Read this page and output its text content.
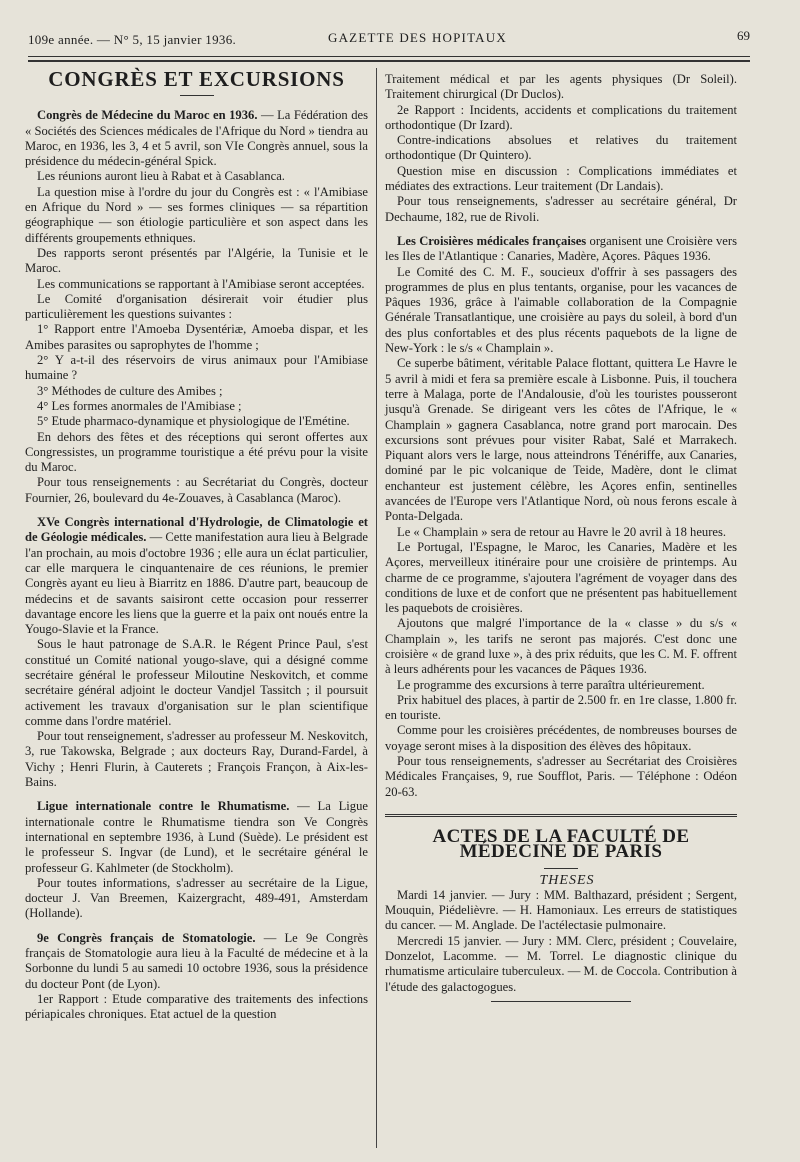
109e année. — N° 5, 15 janvier 1936.	GAZETTE DES HOPITAUX	69
CONGRÈS ET EXCURSIONS

Congrès de Médecine du Maroc en 1936. — La Fédération des « Sociétés des Sciences médicales de l'Afrique du Nord » tiendra au Maroc, en 1936, les 3, 4 et 5 avril, son VIe Congrès annuel, sous la présidence du médecin-général Spick.

Les réunions auront lieu à Rabat et à Casablanca.

La question mise à l'ordre du jour du Congrès est : « l'Amibiase en Afrique du Nord » — ses formes cliniques — sa répartition géographique — son étiologie particulière et son aspect dans les différents groupements ethniques.

Des rapports seront présentés par l'Algérie, la Tunisie et le Maroc.

Les communications se rapportant à l'Amibiase seront acceptées.

Le Comité d'organisation désirerait voir étudier plus particulièrement les questions suivantes :

1° Rapport entre l'Amoeba Dysentériæ, Amoeba dispar, et les Amibes parasites ou saprophytes de l'homme ;

2° Y a-t-il des réservoirs de virus animaux pour l'Amibiase humaine ?

3° Méthodes de culture des Amibes ;

4° Les formes anormales de l'Amibiase ;

5° Etude pharmaco-dynamique et physiologique de l'Emétine.

En dehors des fêtes et des réceptions qui seront offertes aux Congressistes, un programme touristique a été prévu pour la visite du Maroc.

Pour tous renseignements : au Secrétariat du Congrès, docteur Fournier, 26, boulevard du 4e-Zouaves, à Casablanca (Maroc).

XVe Congrès international d'Hydrologie, de Climatologie et de Géologie médicales. — Cette manifestation aura lieu à Belgrade l'an prochain, au mois d'octobre 1936 ; elle aura un éclat particulier, car elle marquera le cinquantenaire de ces réunions, le premier Congrès ayant eu lieu à Biarritz en 1886. D'autre part, beaucoup de médecins et de savants saisiront cette occasion pour resserrer davantage encore les liens que la guerre et la paix ont noués entre la Yougo-Slavie et la France.

Sous le haut patronage de S.A.R. le Régent Prince Paul, s'est constitué un Comité national yougo-slave, qui a désigné comme secrétaire général le professeur Miloutine Neskovitch, et comme secrétaire général adjoint le docteur Vandjel Tassitch ; il poursuit activement les travaux d'organisation sur le plan scientifique comme dans l'ordre matériel.

Pour tout renseignement, s'adresser au professeur M. Neskovitch, 3, rue Takowska, Belgrade ; aux docteurs Ray, Durand-Fardel, à Vichy ; Henri Flurin, à Cauterets ; François Françon, à Aix-les-Bains.

Ligue internationale contre le Rhumatisme. — La Ligue internationale contre le Rhumatisme tiendra son Ve Congrès international en septembre 1936, à Lund (Suède). Le président est le professeur S. Ingvar (de Lund), et le secrétaire général le professeur G. Kahlmeter (de Stockholm).

Pour toutes informations, s'adresser au secrétaire de la Ligue, docteur J. Van Breemen, Kaizergracht, 489-491, Amsterdam (Hollande).

9e Congrès français de Stomatologie. — Le 9e Congrès français de Stomatologie aura lieu à la Faculté de médecine et à la Sorbonne du lundi 5 au samedi 10 octobre 1936, sous la présidence du docteur Pont (de Lyon).

1er Rapport : Etude comparative des traitements des infections périapicales chroniques. Etat actuel de la question

Traitement médical et par les agents physiques (Dr Soleil). Traitement chirurgical (Dr Duclos).

2e Rapport : Incidents, accidents et complications du traitement orthodontique (Dr Izard).

Contre-indications absolues et relatives du traitement orthodontique (Dr Quintero).

Question mise en discussion : Complications immédiates et médiates des extractions. Leur traitement (Dr Landais).

Pour tous renseignements, s'adresser au secrétaire général, Dr Dechaume, 182, rue de Rivoli.

Les Croisières médicales françaises organisent une Croisière vers les Iles de l'Atlantique : Canaries, Madère, Açores. Pâques 1936.

Le Comité des C. M. F., soucieux d'offrir à ses passagers des programmes de plus en plus tentants, organise, pour les vacances de Pâques 1936, grâce à l'aimable collaboration de la Compagnie Générale Transatlantique, une croisière au pays du soleil, à bord d'un des plus confortables et des plus récents paquebots de la ligne de New-York : le s/s « Champlain ».

Ce superbe bâtiment, véritable Palace flottant, quittera Le Havre le 5 avril à midi et fera sa première escale à Lisbonne. Puis, il touchera terre à Malaga, porte de l'Andalousie, d'où les touristes pousseront jusqu'à Grenade. Se dirigeant vers les côtes de l'Afrique, le « Champlain » gagnera Casablanca, notre grand port marocain. Des excursions sont prévues pour visiter Rabat, Salé et Marrakech. Piquant alors vers le large, nous atteindrons Ténériffe, aux Canaries, dominé par le pic volcanique de Teide, Madère, dont le climat enchanteur est justement célèbre, les Açores enfin, sentinelles avancées de l'Europe vers l'Atlantique Nord, où nous ferons escale à Ponta-Delgada.

Le « Champlain » sera de retour au Havre le 20 avril à 18 heures.

Le Portugal, l'Espagne, le Maroc, les Canaries, Madère et les Açores, merveilleux itinéraire pour une croisière de printemps. Au charme de ce programme, s'ajoutera l'agrément de voyager dans des conditions de luxe et de confort que ne présentent pas habituellement les paquebots de croisières.

Ajoutons que malgré l'importance de la « classe » du s/s « Champlain », les tarifs ne seront pas majorés. C'est donc une croisière « de grand luxe », à des prix réduits, que les C. M. F. offrent à leurs adhérents pour les vacances de Pâques 1936.

Le programme des excursions à terre paraîtra ultérieurement.

Prix habituel des places, à partir de 2.500 fr. en 1re classe, 1.800 fr. en touriste.

Comme pour les croisières précédentes, de nombreuses bourses de voyage seront mises à la disposition des élèves des hôpitaux.

Pour tous renseignements, s'adresser au Secrétariat des Croisières Médicales Françaises, 9, rue Soufflot, Paris. — Téléphone : Odéon 20-63.

ACTES DE LA FACULTÉ DE MÉDECINE DE PARIS

THESES

Mardi 14 janvier. — Jury : MM. Balthazard, président ; Sergent, Mouquin, Piédelièvre. — H. Hamoniaux. Les erreurs de statistiques du cancer. — M. Anglade. De l'actélectasie pulmonaire.

Mercredi 15 janvier. — Jury : MM. Clerc, président ; Couvelaire, Donzelot, Lacomme. — M. Torrel. Le diagnostic clinique du rhumatisme articulaire tuberculeux. — M. de Coccola. Contribution à l'étude des galactogogues.
